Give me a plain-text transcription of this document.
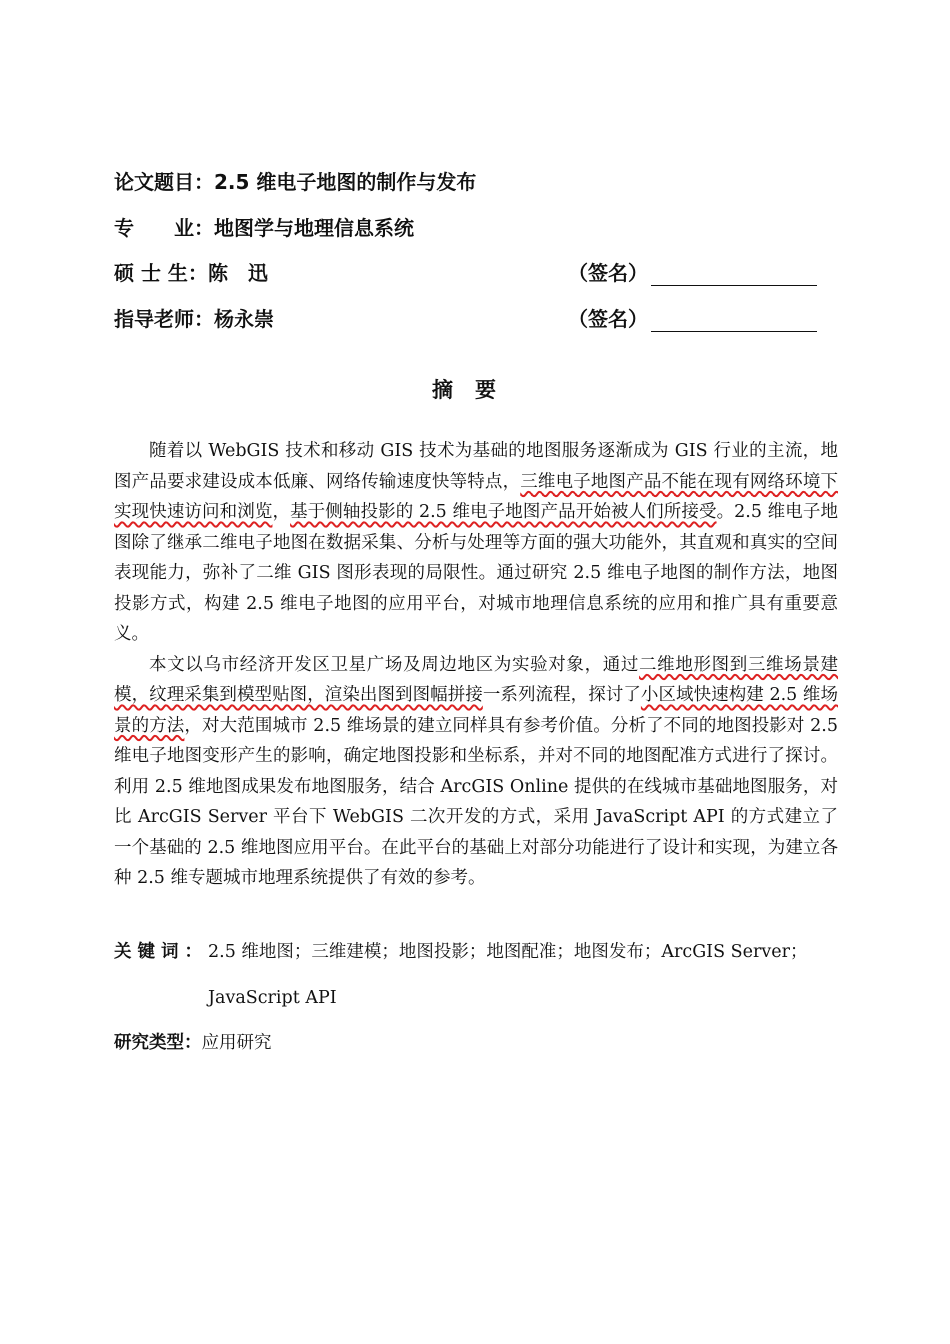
论文题目：2.5 维电子地图的制作与发布
专　　业：地图学与地理信息系统
硕 士 生：陈　迅	（签名）
指导老师：杨永崇	（签名）
摘要

随着以 WebGIS 技术和移动 GIS 技术为基础的地图服务逐渐成为 GIS 行业的主流，地图产品要求建设成本低廉、网络传输速度快等特点，三维电子地图产品不能在现有网络环境下实现快速访问和浏览，基于侧轴投影的 2.5 维电子地图产品开始被人们所接受。2.5 维电子地图除了继承二维电子地图在数据采集、分析与处理等方面的强大功能外，其直观和真实的空间表现能力，弥补了二维 GIS 图形表现的局限性。通过研究 2.5 维电子地图的制作方法，地图投影方式，构建 2.5 维电子地图的应用平台，对城市地理信息系统的应用和推广具有重要意义。

本文以乌市经济开发区卫星广场及周边地区为实验对象，通过二维地形图到三维场景建模，纹理采集到模型贴图，渲染出图到图幅拼接一系列流程，探讨了小区域快速构建 2.5 维场景的方法，对大范围城市 2.5 维场景的建立同样具有参考价值。分析了不同的地图投影对 2.5 维电子地图变形产生的影响，确定地图投影和坐标系，并对不同的地图配准方式进行了探讨。利用 2.5 维地图成果发布地图服务，结合 ArcGIS Online 提供的在线城市基础地图服务，对比 ArcGIS Server 平台下 WebGIS 二次开发的方式，采用 JavaScript API 的方式建立了一个基础的 2.5 维地图应用平台。在此平台的基础上对部分功能进行了设计和实现，为建立各种 2.5 维专题城市地理系统提供了有效的参考。

关键词：2.5 维地图；三维建模；地图投影；地图配准；地图发布；ArcGIS Server；
JavaScript API
研究类型：应用研究
